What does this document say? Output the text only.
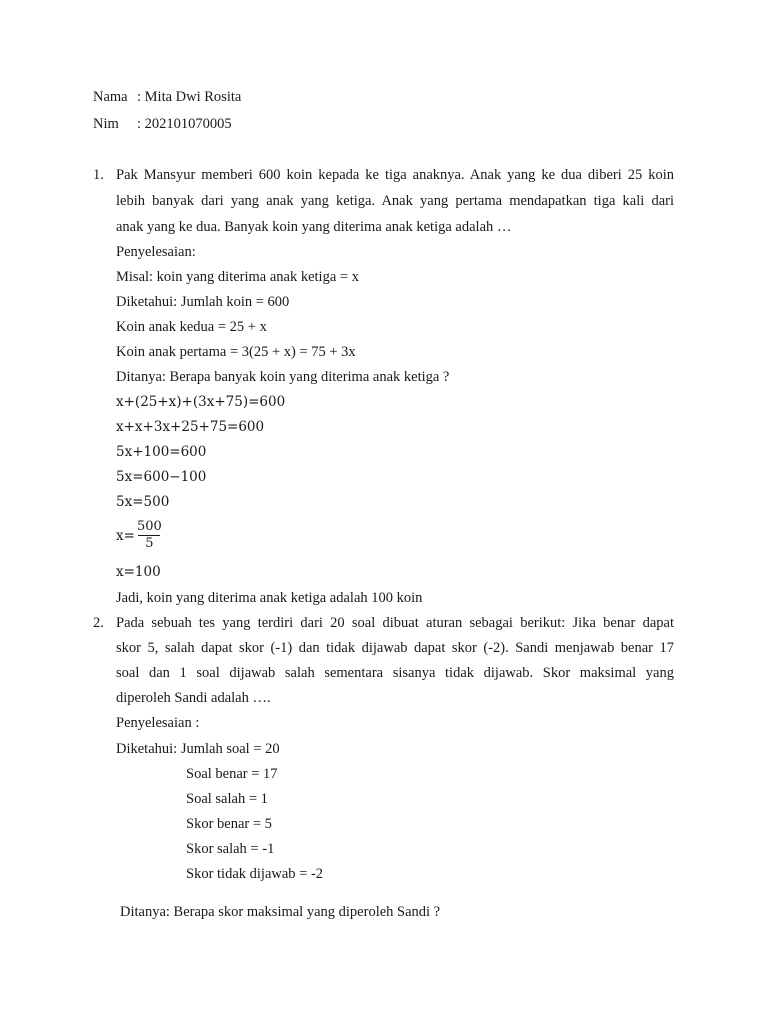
Nama : Mita Dwi Rosita
Nim : 202101070005
1. Pak Mansyur memberi 600 koin kepada ke tiga anaknya. Anak yang ke dua diberi 25 koin
lebih banyak dari yang anak yang ketiga. Anak yang pertama mendapatkan tiga kali dari
anak yang ke dua. Banyak koin yang diterima anak ketiga adalah …
Penyelesaian:
Misal: koin yang diterima anak ketiga = x
Diketahui: Jumlah koin = 600
Koin anak kedua = 25 + x
Koin anak pertama = 3(25 + x) = 75 + 3x
Ditanya: Berapa banyak koin yang diterima anak ketiga ?
x+(25+x)+(3x+75)=600
x+x+3x+25+75=600
5x+100=600
5x=600−100
5x=500
$x= \frac{500}{5}$
x=100
Jadi, koin yang diterima anak ketiga adalah 100 koin
2. Pada sebuah tes yang terdiri dari 20 soal dibuat aturan sebagai berikut: Jika benar dapat
skor 5, salah dapat skor (-1) dan tidak dijawab dapat skor (-2). Sandi menjawab benar 17
soal dan 1 soal dijawab salah sementara sisanya tidak dijawab. Skor maksimal yang
diperoleh Sandi adalah ….
Penyelesaian :
Diketahui: Jumlah soal = 20
Soal benar = 17
Soal salah = 1
Skor benar = 5
Skor salah = -1
Skor tidak dijawab = -2
Ditanya: Berapa skor maksimal yang diperoleh Sandi ?
